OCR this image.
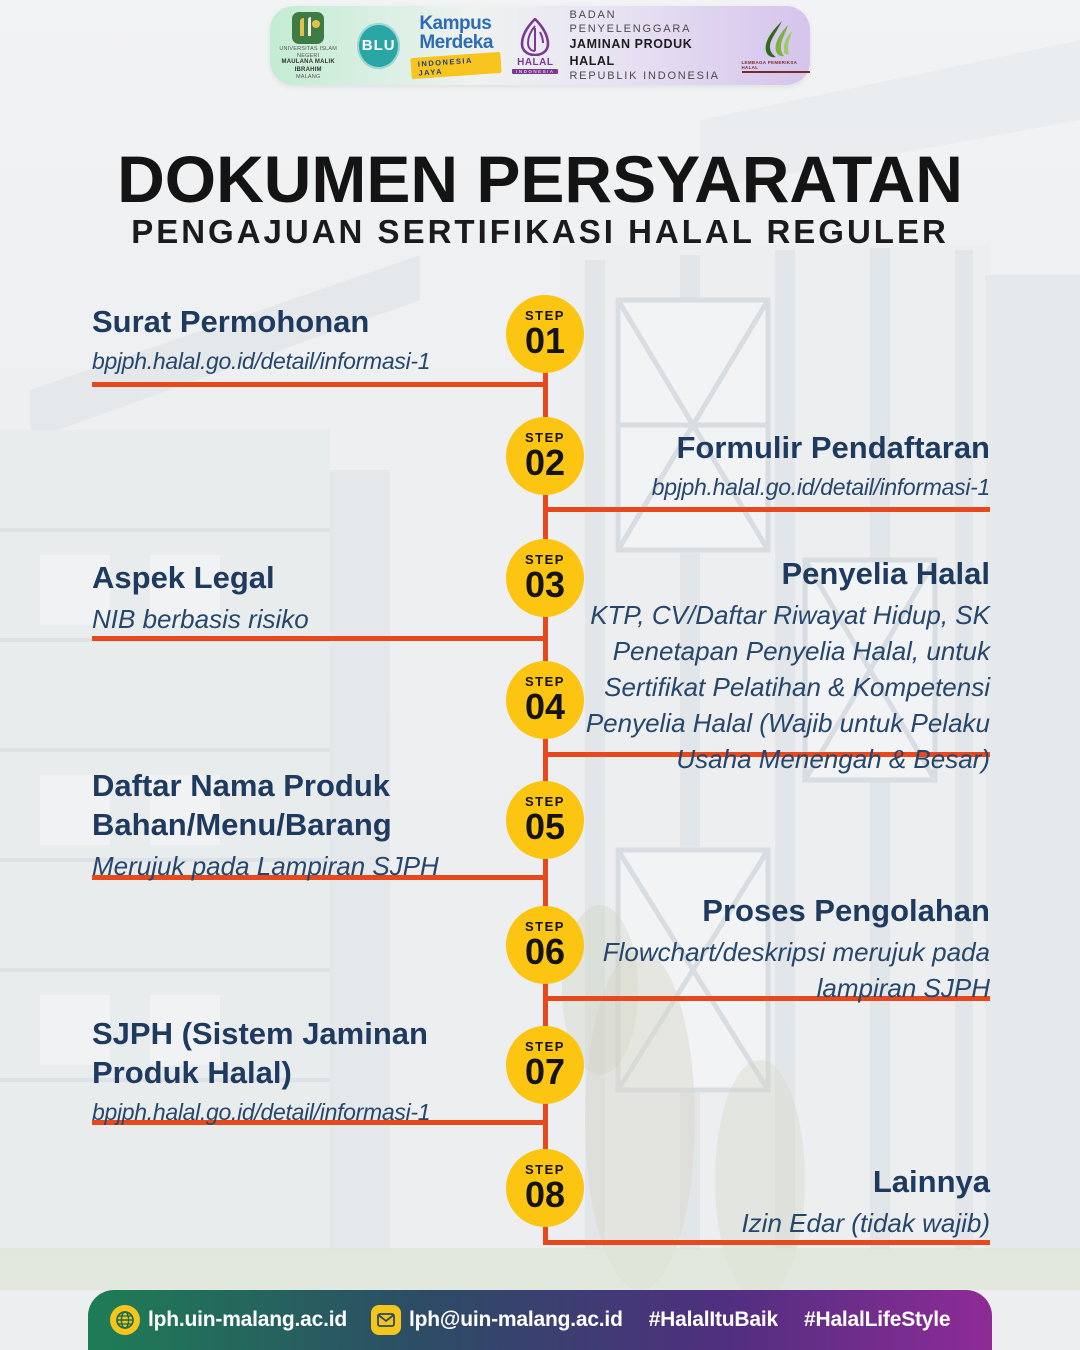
UNIVERSITAS ISLAM NEGERI
MAULANA MALIK IBRAHIM
MALANG
BLU
Kampus
Merdeka
INDONESIA JAYA
HALAL
INDONESIA
BADAN PENYELENGGARA
JAMINAN PRODUK HALAL
REPUBLIK INDONESIA
LEMBAGA PEMERIKSA HALAL
DOKUMEN PERSYARATAN
PENGAJUAN SERTIFIKASI HALAL REGULER
STEP
01
STEP
02
STEP
03
STEP
04
STEP
05
STEP
06
STEP
07
STEP
08
Surat Permohonan
bpjph.halal.go.id/detail/informasi-1
Formulir Pendaftaran
bpjph.halal.go.id/detail/informasi-1
Aspek Legal
NIB berbasis risiko
Penyelia Halal
KTP, CV/Daftar Riwayat Hidup, SK Penetapan Penyelia Halal, untuk Sertifikat Pelatihan & Kompetensi Penyelia Halal (Wajib untuk Pelaku Usaha Menengah & Besar)
Daftar Nama Produk Bahan/Menu/Barang
Merujuk pada Lampiran SJPH
Proses Pengolahan
Flowchart/deskripsi merujuk pada lampiran SJPH
SJPH (Sistem Jaminan Produk Halal)
bpjph.halal.go.id/detail/informasi-1
Lainnya
Izin Edar (tidak wajib)
lph.uin-malang.ac.id	lph@uin-malang.ac.id #HalalItuBaik #HalalLifeStyle
